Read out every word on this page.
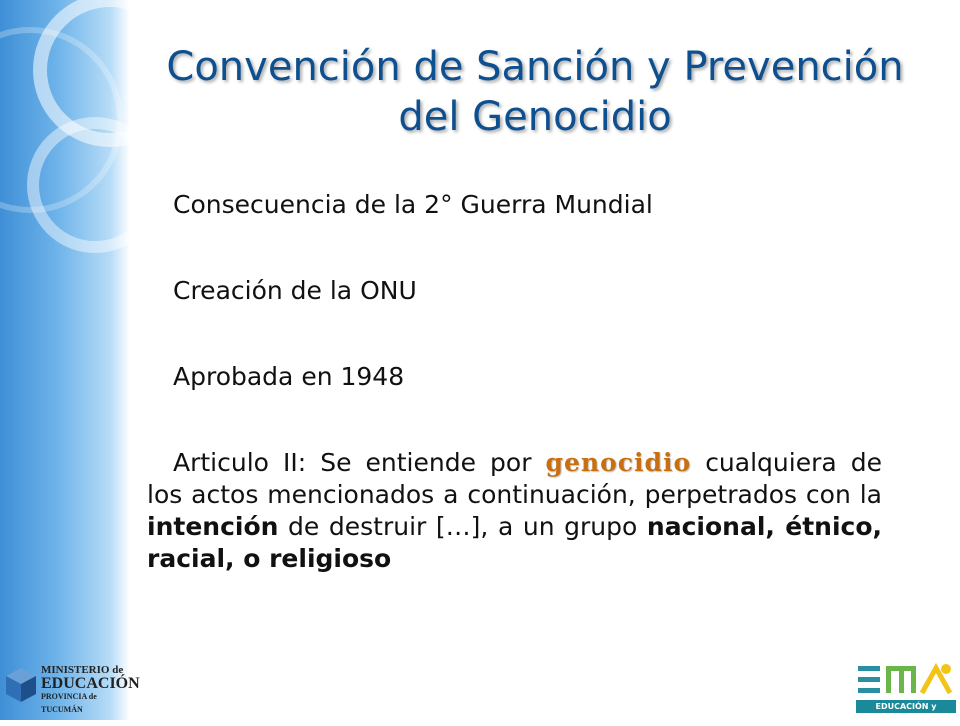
Convención de Sanción y Prevención
del Genocidio
Consecuencia de la 2° Guerra Mundial
Creación de la ONU
Aprobada en 1948
Articulo II: Se entiende por genocidio cualquiera de los actos mencionados a continuación, perpetrados con la intención de destruir […], a un grupo nacional, étnico, racial, o religioso
MINISTERIO de
EDUCACIÓN
PROVINCIA de TUCUMÁN	EDUCACIÓN y MEMORIA
